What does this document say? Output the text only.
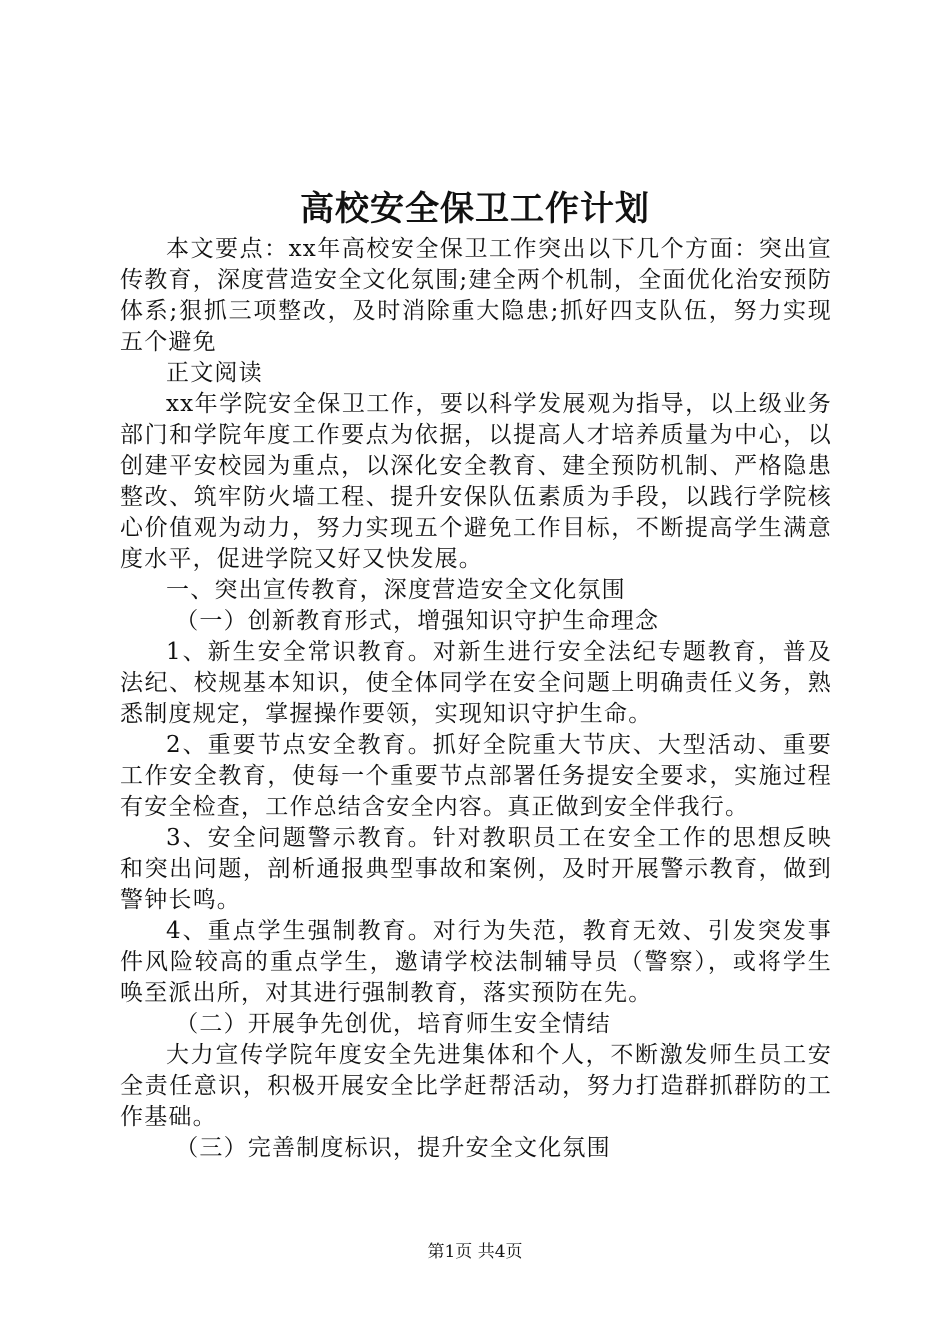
高校安全保卫工作计划

本文要点：xx年高校安全保卫工作突出以下几个方面：突出宣传教育，深度营造安全文化氛围;建全两个机制，全面优化治安预防体系;狠抓三项整改，及时消除重大隐患;抓好四支队伍，努力实现五个避免

正文阅读

xx年学院安全保卫工作，要以科学发展观为指导，以上级业务部门和学院年度工作要点为依据，以提高人才培养质量为中心，以创建平安校园为重点，以深化安全教育、建全预防机制、严格隐患整改、筑牢防火墙工程、提升安保队伍素质为手段，以践行学院核心价值观为动力，努力实现五个避免工作目标，不断提高学生满意度水平，促进学院又好又快发展。

一、突出宣传教育，深度营造安全文化氛围

（一）创新教育形式，增强知识守护生命理念

1、新生安全常识教育。对新生进行安全法纪专题教育，普及法纪、校规基本知识，使全体同学在安全问题上明确责任义务，熟悉制度规定，掌握操作要领，实现知识守护生命。

2、重要节点安全教育。抓好全院重大节庆、大型活动、重要工作安全教育，使每一个重要节点部署任务提安全要求，实施过程有安全检查，工作总结含安全内容。真正做到安全伴我行。

3、安全问题警示教育。针对教职员工在安全工作的思想反映和突出问题，剖析通报典型事故和案例，及时开展警示教育，做到警钟长鸣。

4、重点学生强制教育。对行为失范，教育无效、引发突发事件风险较高的重点学生，邀请学校法制辅导员（警察），或将学生唤至派出所，对其进行强制教育，落实预防在先。

（二）开展争先创优，培育师生安全情结

大力宣传学院年度安全先进集体和个人，不断激发师生员工安全责任意识，积极开展安全比学赶帮活动，努力打造群抓群防的工作基础。

（三）完善制度标识，提升安全文化氛围

第1页 共4页
